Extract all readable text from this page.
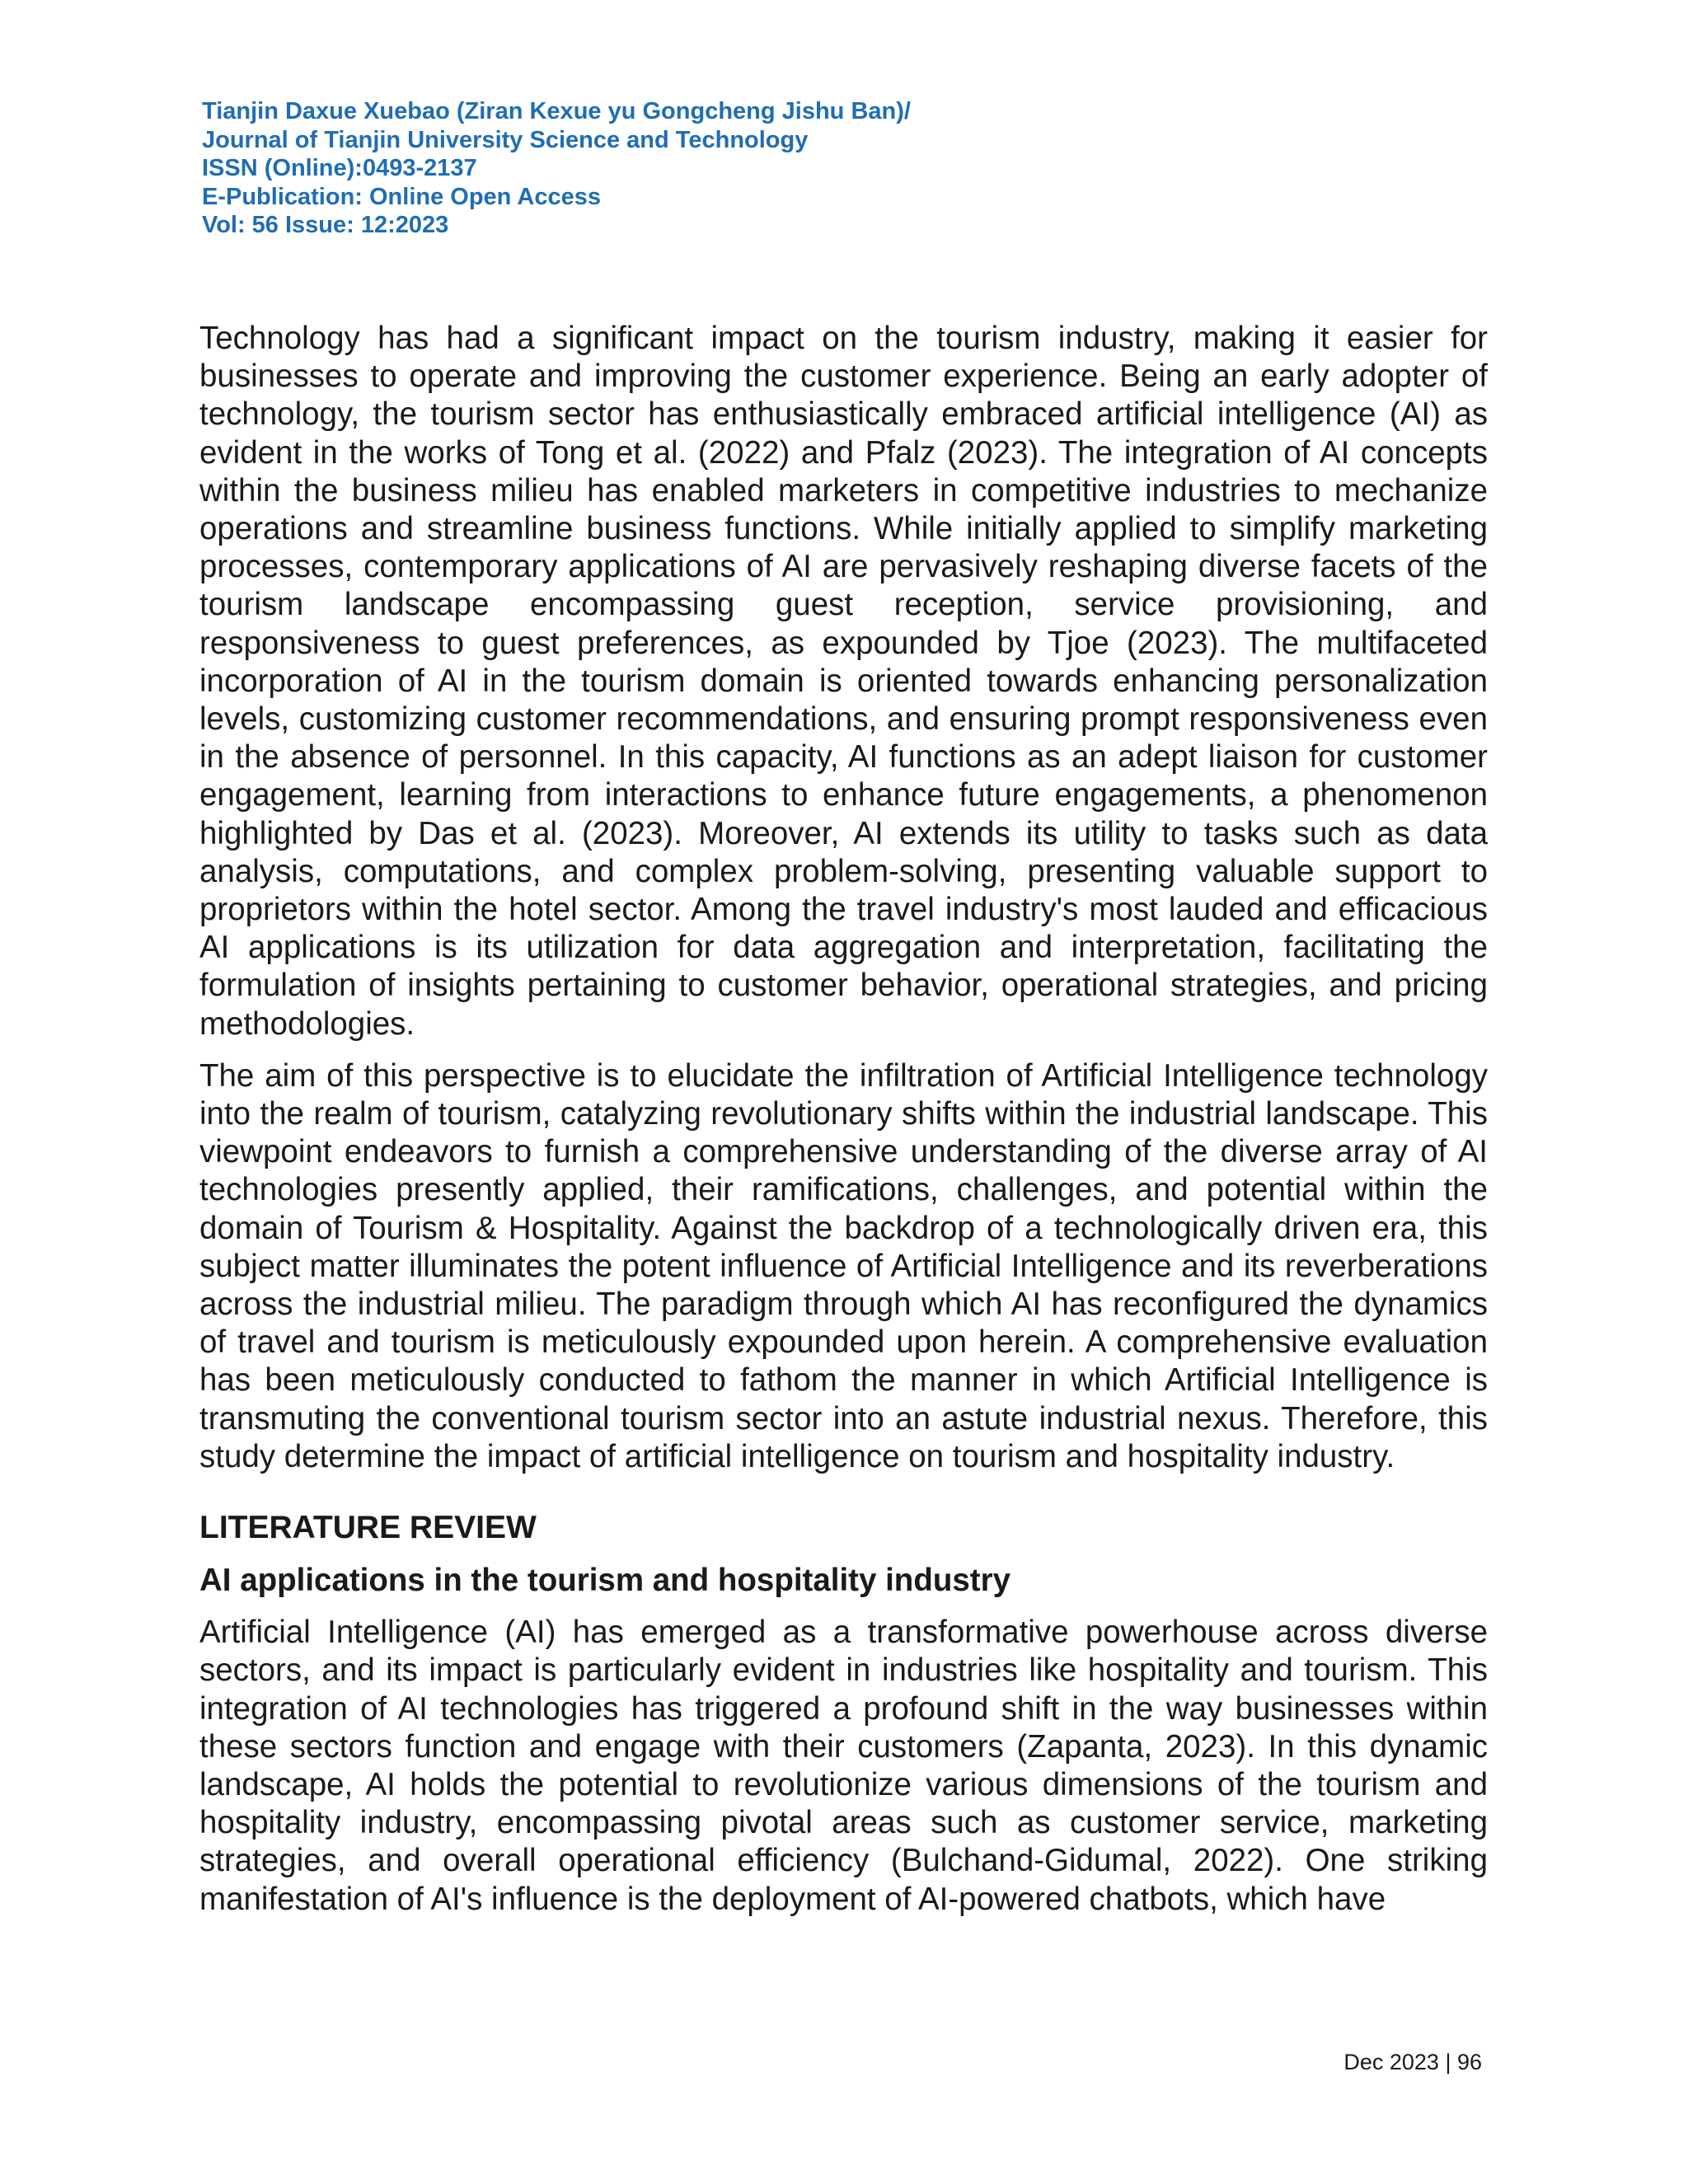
Tianjin Daxue Xuebao (Ziran Kexue yu Gongcheng Jishu Ban)/
Journal of Tianjin University Science and Technology
ISSN (Online):0493-2137
E-Publication: Online Open Access
Vol: 56 Issue: 12:2023

Technology has had a significant impact on the tourism industry, making it easier for businesses to operate and improving the customer experience. Being an early adopter of technology, the tourism sector has enthusiastically embraced artificial intelligence (AI) as evident in the works of Tong et al. (2022) and Pfalz (2023). The integration of AI concepts within the business milieu has enabled marketers in competitive industries to mechanize operations and streamline business functions. While initially applied to simplify marketing processes, contemporary applications of AI are pervasively reshaping diverse facets of the tourism landscape encompassing guest reception, service provisioning, and responsiveness to guest preferences, as expounded by Tjoe (2023). The multifaceted incorporation of AI in the tourism domain is oriented towards enhancing personalization levels, customizing customer recommendations, and ensuring prompt responsiveness even in the absence of personnel. In this capacity, AI functions as an adept liaison for customer engagement, learning from interactions to enhance future engagements, a phenomenon highlighted by Das et al. (2023). Moreover, AI extends its utility to tasks such as data analysis, computations, and complex problem-solving, presenting valuable support to proprietors within the hotel sector. Among the travel industry's most lauded and efficacious AI applications is its utilization for data aggregation and interpretation, facilitating the formulation of insights pertaining to customer behavior, operational strategies, and pricing methodologies.

The aim of this perspective is to elucidate the infiltration of Artificial Intelligence technology into the realm of tourism, catalyzing revolutionary shifts within the industrial landscape. This viewpoint endeavors to furnish a comprehensive understanding of the diverse array of AI technologies presently applied, their ramifications, challenges, and potential within the domain of Tourism & Hospitality. Against the backdrop of a technologically driven era, this subject matter illuminates the potent influence of Artificial Intelligence and its reverberations across the industrial milieu. The paradigm through which AI has reconfigured the dynamics of travel and tourism is meticulously expounded upon herein. A comprehensive evaluation has been meticulously conducted to fathom the manner in which Artificial Intelligence is transmuting the conventional tourism sector into an astute industrial nexus. Therefore, this study determine the impact of artificial intelligence on tourism and hospitality industry.

LITERATURE REVIEW
AI applications in the tourism and hospitality industry

Artificial Intelligence (AI) has emerged as a transformative powerhouse across diverse sectors, and its impact is particularly evident in industries like hospitality and tourism. This integration of AI technologies has triggered a profound shift in the way businesses within these sectors function and engage with their customers (Zapanta, 2023). In this dynamic landscape, AI holds the potential to revolutionize various dimensions of the tourism and hospitality industry, encompassing pivotal areas such as customer service, marketing strategies, and overall operational efficiency (Bulchand-Gidumal, 2022). One striking manifestation of AI's influence is the deployment of AI-powered chatbots, which have

Dec 2023 | 96
